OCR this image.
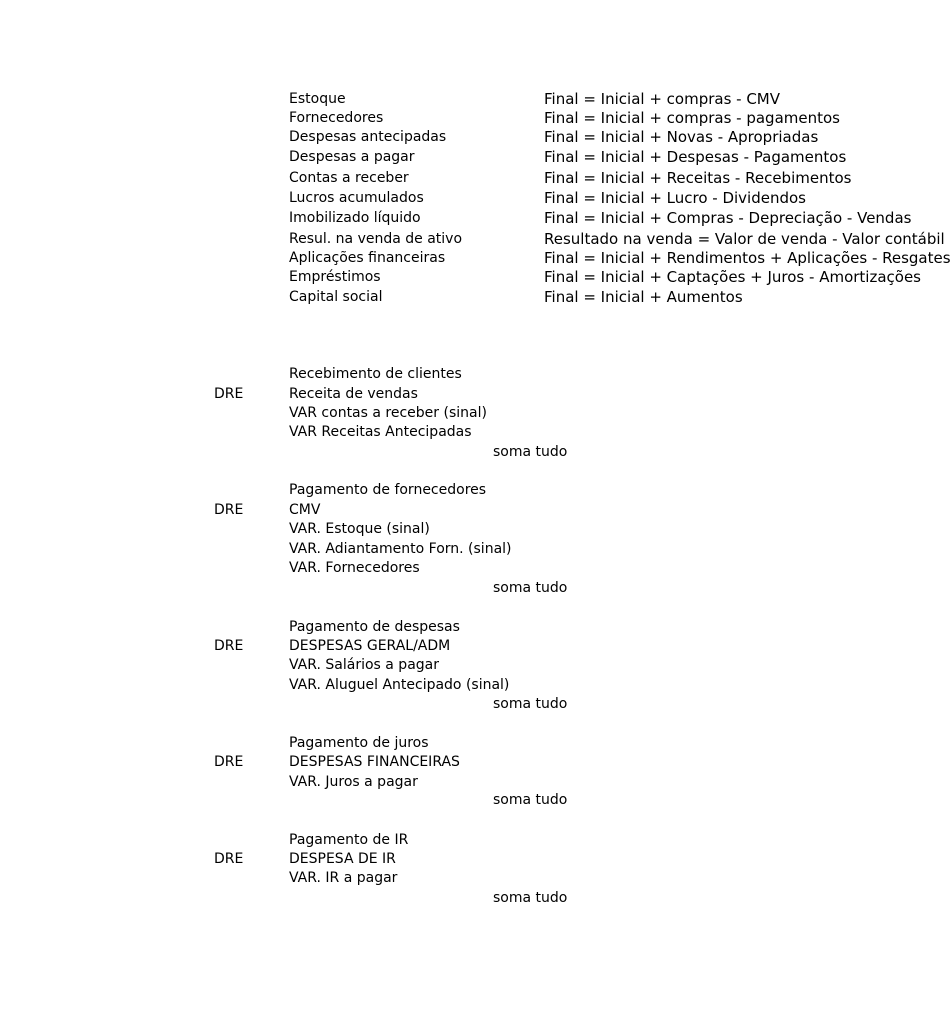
Estoque	Final = Inicial + compras - CMV
Fornecedores	Final = Inicial + compras - pagamentos
Despesas antecipadas	Final = Inicial + Novas - Apropriadas
Despesas a pagar	Final = Inicial + Despesas - Pagamentos
Contas a receber	Final = Inicial + Receitas - Recebimentos
Lucros acumulados	Final = Inicial + Lucro - Dividendos
Imobilizado líquido	Final = Inicial + Compras - Depreciação - Vendas
Resul. na venda de ativo	Resultado na venda = Valor de venda - Valor contábil
Aplicações financeiras	Final = Inicial + Rendimentos + Aplicações - Resgates
Empréstimos	Final = Inicial + Captações + Juros - Amortizações
Capital social	Final = Inicial + Aumentos
Recebimento de clientes
DRE	Receita de vendas
VAR contas a receber (sinal)
VAR Receitas Antecipadas
soma tudo
Pagamento de fornecedores
DRE	CMV
VAR. Estoque (sinal)
VAR. Adiantamento Forn. (sinal)
VAR. Fornecedores
soma tudo
Pagamento de despesas
DRE	DESPESAS GERAL/ADM
VAR. Salários a pagar
VAR. Aluguel Antecipado (sinal)
soma tudo
Pagamento de juros
DRE	DESPESAS FINANCEIRAS
VAR. Juros a pagar
soma tudo
Pagamento de IR
DRE	DESPESA DE IR
VAR. IR a pagar
soma tudo
